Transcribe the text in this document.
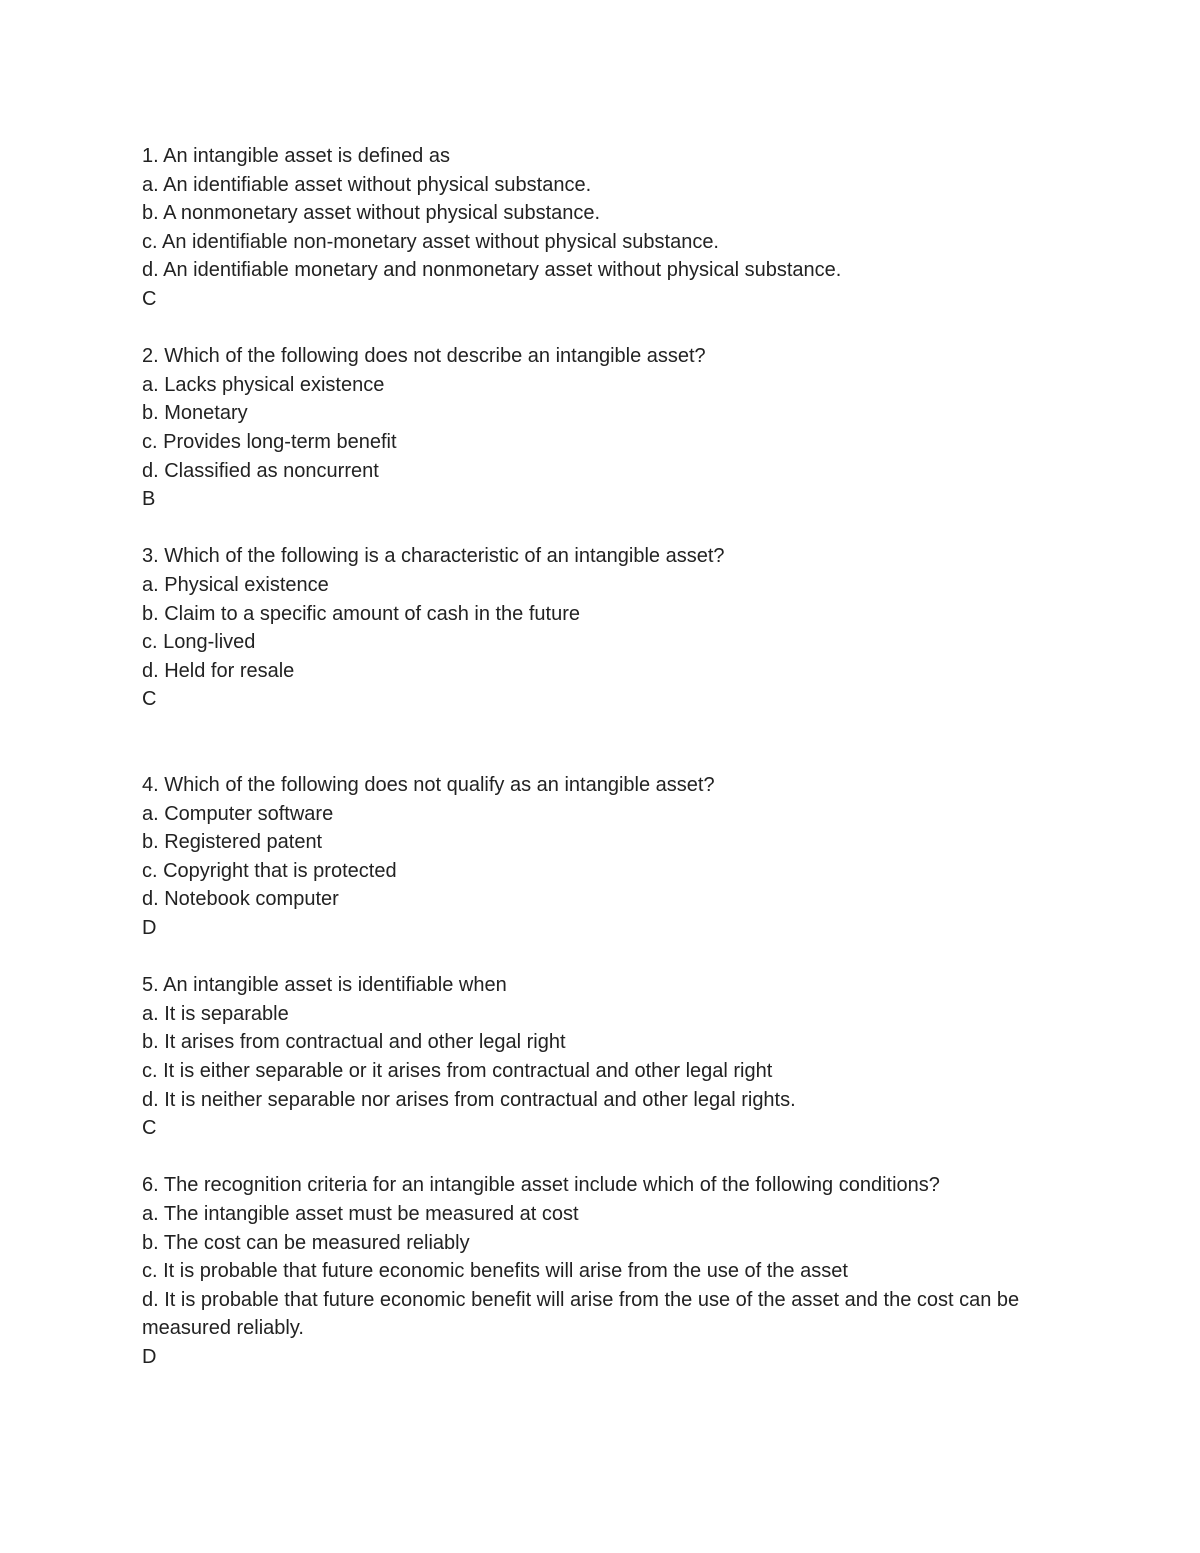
1. An intangible asset is defined as

a. An identifiable asset without physical substance.

b. A nonmonetary asset without physical substance.

c. An identifiable non-monetary asset without physical substance.

d. An identifiable monetary and nonmonetary asset without physical substance.

C

2. Which of the following does not describe an intangible asset?

a. Lacks physical existence

b. Monetary

c. Provides long-term benefit

d. Classified as noncurrent

B

3. Which of the following is a characteristic of an intangible asset?

a. Physical existence

b. Claim to a specific amount of cash in the future

c. Long-lived

d. Held for resale

C

4. Which of the following does not qualify as an intangible asset?

a. Computer software

b. Registered patent

c. Copyright that is protected

d. Notebook computer

D

5. An intangible asset is identifiable when

a. It is separable

b. It arises from contractual and other legal right

c. It is either separable or it arises from contractual and other legal right

d. It is neither separable nor arises from contractual and other legal rights.

C

6. The recognition criteria for an intangible asset include which of the following conditions?

a. The intangible asset must be measured at cost

b. The cost can be measured reliably

c. It is probable that future economic benefits will arise from the use of the asset

d. It is probable that future economic benefit will arise from the use of the asset and the cost can be measured reliably.

D
